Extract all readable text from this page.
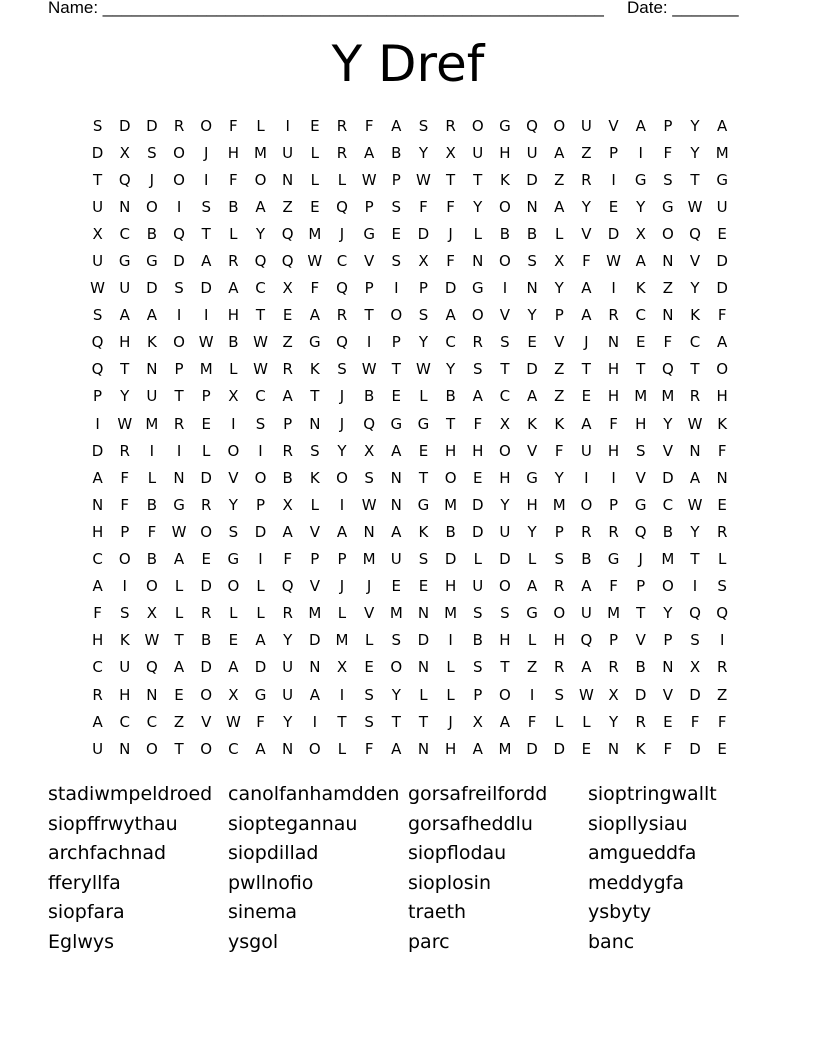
Name: _____________________________________________________ Date: _______
Y Dref
S	D	D	R	O	F	L	I	E	R	F	A	S	R	O	G	Q	O	U	V	A	P	Y	A
D	X	S	O	J	H	M	U	L	R	A	B	Y	X	U	H	U	A	Z	P	I	F	Y	M
T	Q	J	O	I	F	O	N	L	L	W	P	W	T	T	K	D	Z	R	I	G	S	T	G
U	N	O	I	S	B	A	Z	E	Q	P	S	F	F	Y	O	N	A	Y	E	Y	G W U
X	C	B	Q	T	L	Y	Q M	J	G	E	D	J	L	B	B	L	V	D	X	O	Q	E
U	G	G	D	A	R	Q	Q W C	V	S	X	F	N	O	S	X	F	W A	N	V	D
W U	D	S	D	A	C	X	F	Q	P	I	P	D	G	I	N	Y	A	I	K	Z	Y	D
S	A	A	I	I	H	T	E	A	R	T	O	S	A	O	V	Y	P	A	R	C	N	K	F
Q	H	K	O W B W Z	G	Q	I	P	Y	C	R	S	E	V	J	N	E	F	C	A
Q	T	N	P	M	L	W R	K	S W	T	W	Y	S	T	D	Z	T	H	T	Q	T	O
P	Y	U	T	P	X	C	A	T	J	B	E	L	B	A	C	A	Z	E	H	M M	R	H
I	W M	R	E	I	S	P	N	J	Q	G	G	T	F	X	K	K	A	F	H	Y	W K
D	R	I	I	L	O	I	R	S	Y	X	A	E	H	H	O	V	F	U	H	S	V	N	F
A	F	L	N	D	V	O	B	K	O	S	N	T	O	E	H	G	Y	I	I	V	D	A	N
N	F	B	G	R	Y	P	X	L	I	W N	G M D	Y	H	M O	P	G	C W E
H	P	F	W O	S	D	A	V	A	N	A	K	B	D	U	Y	P	R	R	Q	B	Y	R
C	O	B	A	E	G	I	F	P	P	M	U	S	D	L	D	L	S	B	G	J	M	T	L
A	I	O	L	D	O	L	Q	V	J	J	E	E	H	U	O	A	R	A	F	P	O	I	S
F	S	X	L	R	L	L	R	M	L	V	M	N	M	S	S	G	O	U	M	T	Y	Q	Q
H	K W	T	B	E	A	Y	D M	L	S	D	I	B	H	L	H	Q	P	V	P	S	I
C	U	Q	A	D	A	D	U	N	X	E	O	N	L	S	T	Z	R	A	R	B	N	X	R
R	H	N	E	O	X	G	U	A	I	S	Y	L	L	P	O	I	S W X	D	V	D	Z
A	C	C	Z	V W	F	Y	I	T	S	T	T	J	X	A	F	L	L	Y	R	E	F	F
U	N	O	T	O	C	A	N	O	L	F	A	N	H	A	M D	D	E	N	K	F	D	E
stadiwmpeldroed canolfanhamdden gorsafreilfordd	sioptringwallt
siopffrwythau	sioptegannau	gorsafheddlu	siopllysiau
archfachnad	siopdillad	siopflodau	amgueddfa
fferyllfa	pwllnofio	sioplosin	meddygfa
siopfara	sinema	traeth	ysbyty
Eglwys	ysgol	parc	banc
